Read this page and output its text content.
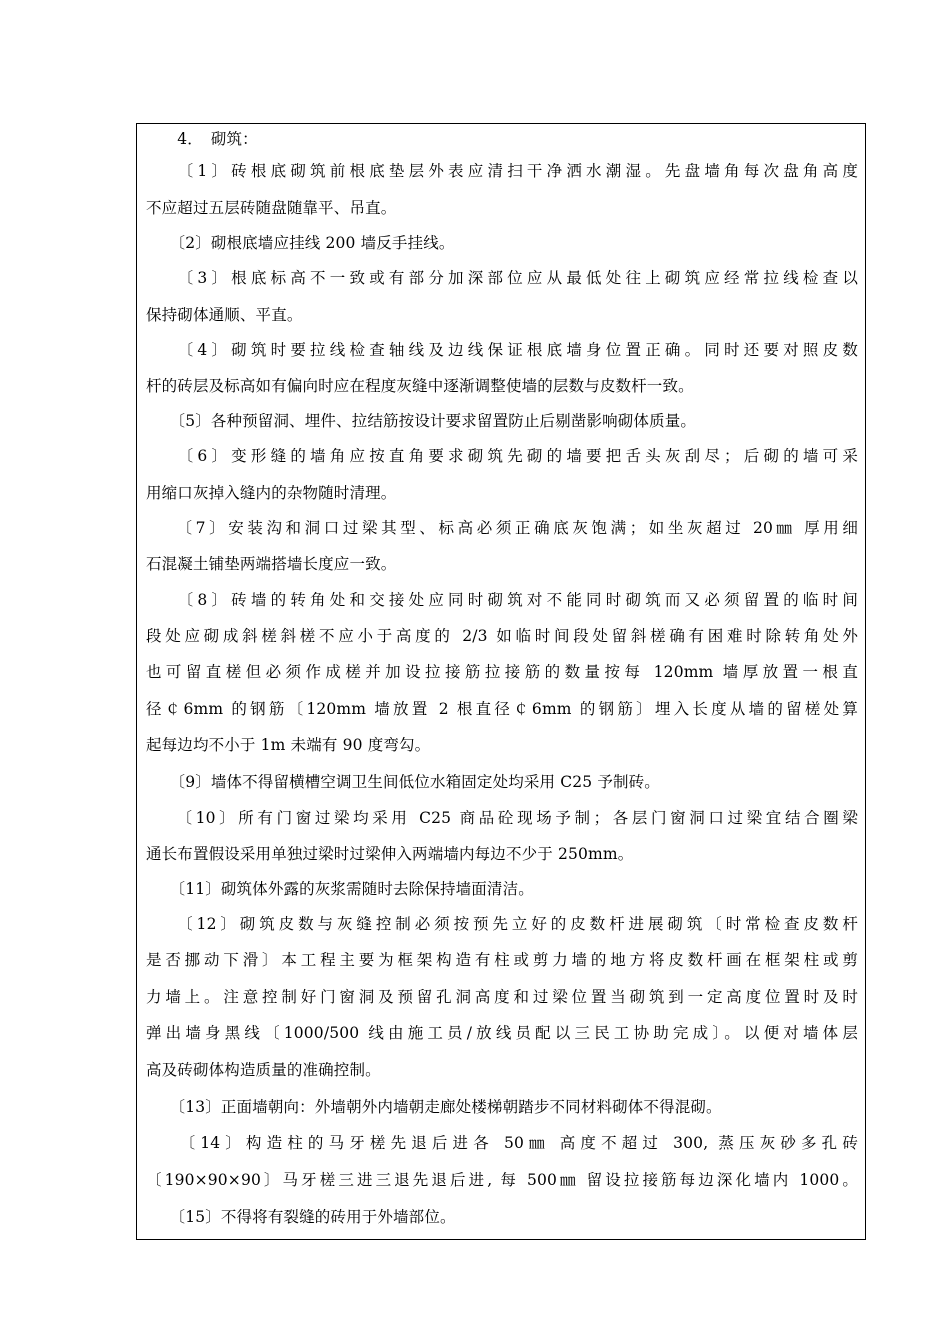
　　4．　砌筑：
　　〔1〕砖根底砌筑前根底垫层外表应清扫干净洒水潮湿。先盘墙角每次盘角高度
不应超过五层砖随盘随靠平、吊直。
　　〔2〕砌根底墙应挂线 200 墙反手挂线。
　　〔3〕根底标高不一致或有部分加深部位应从最低处往上砌筑应经常拉线检查以
保持砌体通顺、平直。
　　〔4〕砌筑时要拉线检查轴线及边线保证根底墙身位置正确。同时还要对照皮数
杆的砖层及标高如有偏向时应在程度灰缝中逐渐调整使墙的层数与皮数杆一致。
　　〔5〕各种预留洞、埋件、拉结筋按设计要求留置防止后剔凿影响砌体质量。
　　〔6〕变形缝的墙角应按直角要求砌筑先砌的墙要把舌头灰刮尽；后砌的墙可采
用缩口灰掉入缝内的杂物随时清理。
　　〔7〕安装沟和洞口过梁其型、标高必须正确底灰饱满；如坐灰超过 20㎜ 厚用细
石混凝土铺垫两端搭墙长度应一致。
　　〔8〕砖墙的转角处和交接处应同时砌筑对不能同时砌筑而又必须留置的临时间
段处应砌成斜槎斜槎不应小于高度的 2/3 如临时间段处留斜槎确有困难时除转角处外
也可留直槎但必须作成槎并加设拉接筋拉接筋的数量按每 120mm 墙厚放置一根直
径￠6mm 的钢筋〔120mm 墙放置 2 根直径￠6mm 的钢筋〕埋入长度从墙的留槎处算
起每边均不小于 1m 未端有 90 度弯勾。
　　〔9〕墙体不得留横槽空调卫生间低位水箱固定处均采用 C25 予制砖。
　　〔10〕所有门窗过梁均采用 C25 商品砼现场予制；各层门窗洞口过梁宜结合圈梁
通长布置假设采用单独过梁时过梁伸入两端墙内每边不少于 250mm。
　　〔11〕砌筑体外露的灰浆需随时去除保持墙面清洁。
　　〔12〕砌筑皮数与灰缝控制必须按预先立好的皮数杆进展砌筑〔时常检查皮数杆
是否挪动下滑〕本工程主要为框架构造有柱或剪力墙的地方将皮数杆画在框架柱或剪
力墙上。注意控制好门窗洞及预留孔洞高度和过梁位置当砌筑到一定高度位置时及时
弹出墙身黑线〔1000/500 线由施工员/放线员配以三民工协助完成〕。以便对墙体层
高及砖砌体构造质量的准确控制。
　　〔13〕正面墙朝向：外墙朝外内墙朝走廊处楼梯朝踏步不同材料砌体不得混砌。
　　〔14〕构造柱的马牙槎先退后进各 50㎜ 高度不超过 300, 蒸压灰砂多孔砖
〔190×90×90〕马牙槎三进三退先退后进, 每 500㎜ 留设拉接筋每边深化墙内 1000。
　　〔15〕不得将有裂缝的砖用于外墙部位。
